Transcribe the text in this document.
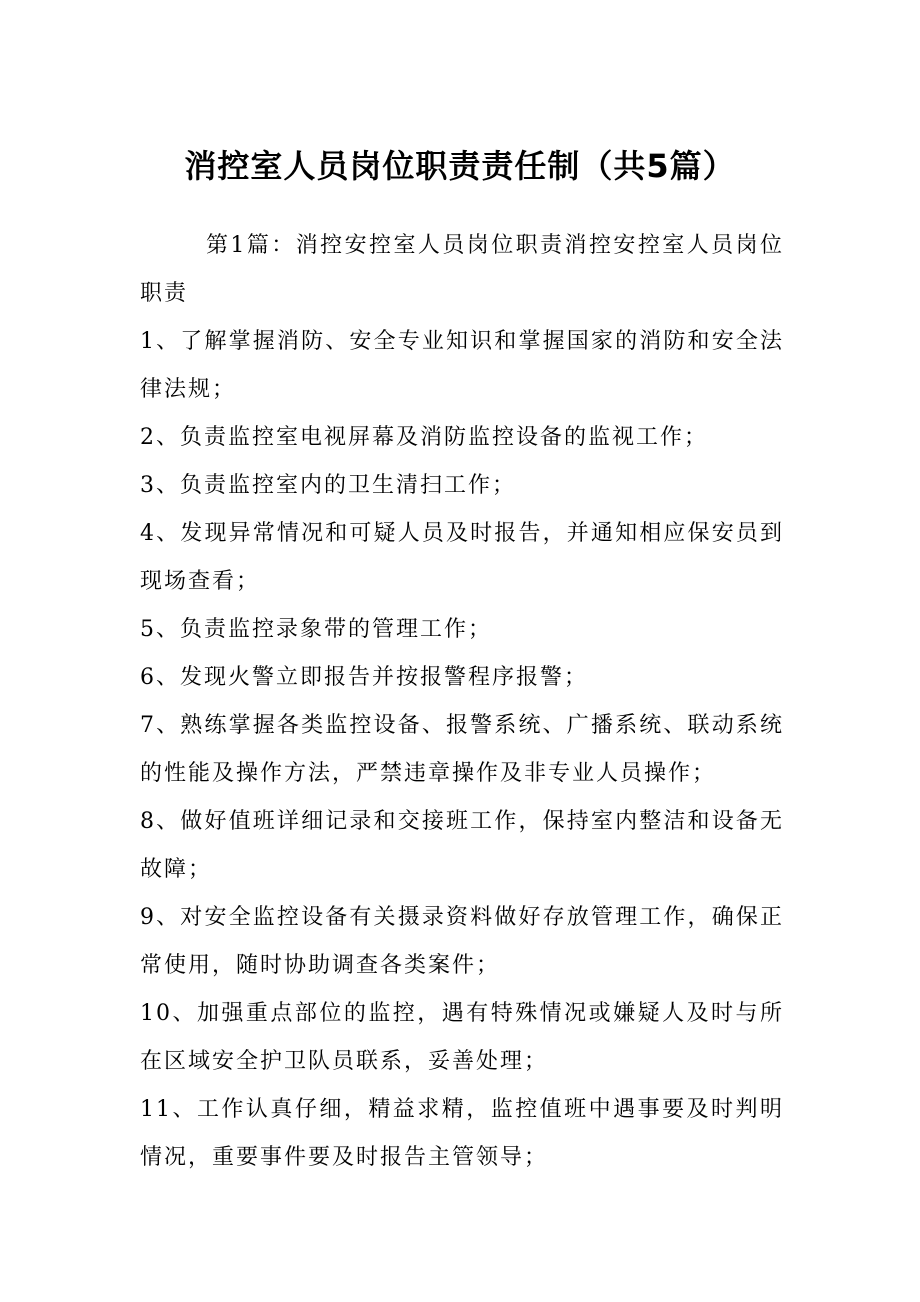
消控室人员岗位职责责任制（共5篇）

第1篇：消控安控室人员岗位职责消控安控室人员岗位职责

1、了解掌握消防、安全专业知识和掌握国家的消防和安全法律法规；

2、负责监控室电视屏幕及消防监控设备的监视工作；

3、负责监控室内的卫生清扫工作；

4、发现异常情况和可疑人员及时报告，并通知相应保安员到现场查看；

5、负责监控录象带的管理工作；

6、发现火警立即报告并按报警程序报警；

7、熟练掌握各类监控设备、报警系统、广播系统、联动系统的性能及操作方法，严禁违章操作及非专业人员操作；

8、做好值班详细记录和交接班工作，保持室内整洁和设备无故障；

9、对安全监控设备有关摄录资料做好存放管理工作，确保正常使用，随时协助调查各类案件；

10、加强重点部位的监控，遇有特殊情况或嫌疑人及时与所在区域安全护卫队员联系，妥善处理；

11、工作认真仔细，精益求精，监控值班中遇事要及时判明情况，重要事件要及时报告主管领导；
